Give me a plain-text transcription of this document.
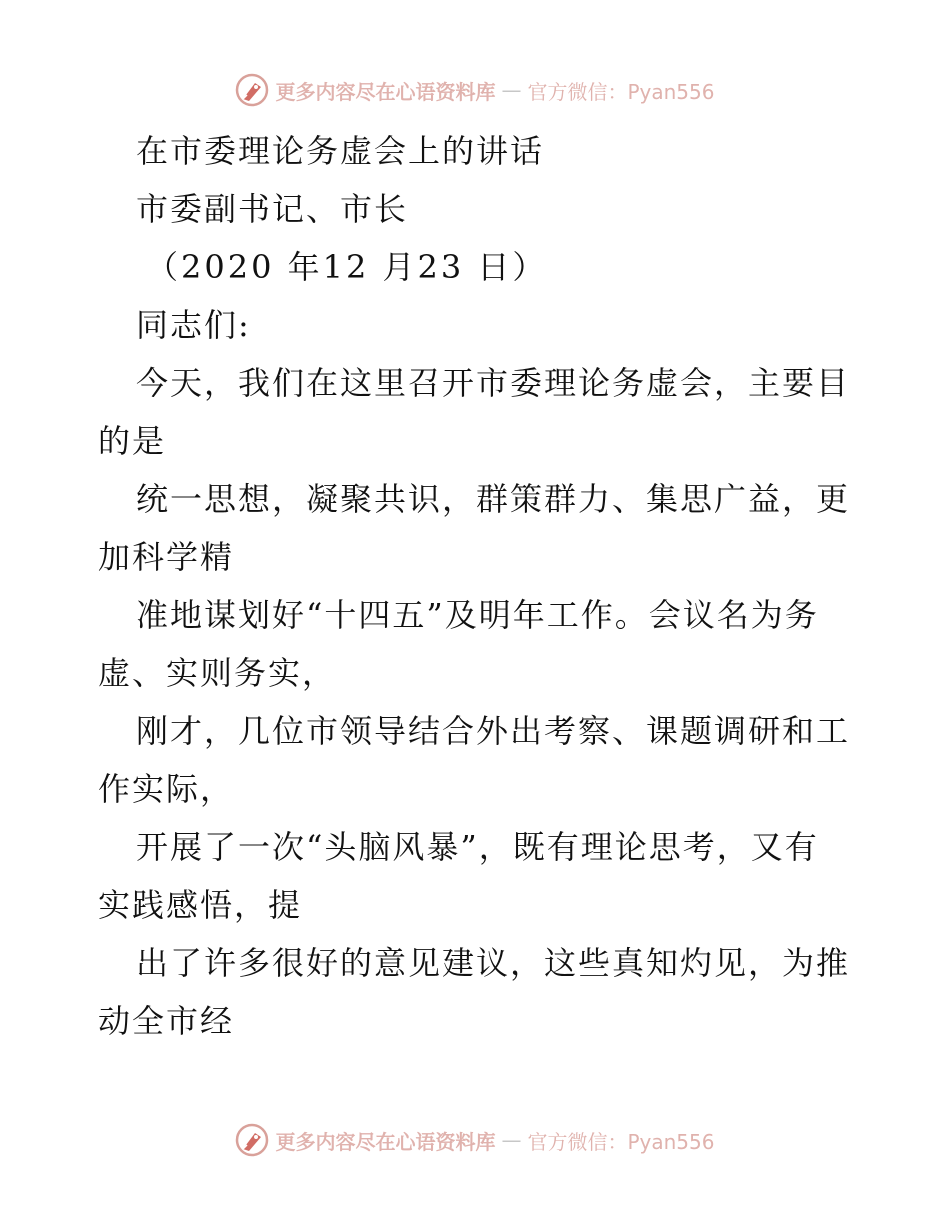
更多内容尽在心语资料库 — 官方微信：Pyan556
在市委理论务虚会上的讲话
市委副书记、市长
（2020 年12 月23 日）
同志们:
今天，我们在这里召开市委理论务虚会，主要目
的是
统一思想，凝聚共识，群策群力、集思广益，更
加科学精
准地谋划好“十四五”及明年工作。会议名为务
虚、实则务实，
刚才，几位市领导结合外出考察、课题调研和工
作实际，
开展了一次“头脑风暴”，既有理论思考，又有
实践感悟，提
出了许多很好的意见建议，这些真知灼见，为推
动全市经
更多内容尽在心语资料库 — 官方微信：Pyan556
